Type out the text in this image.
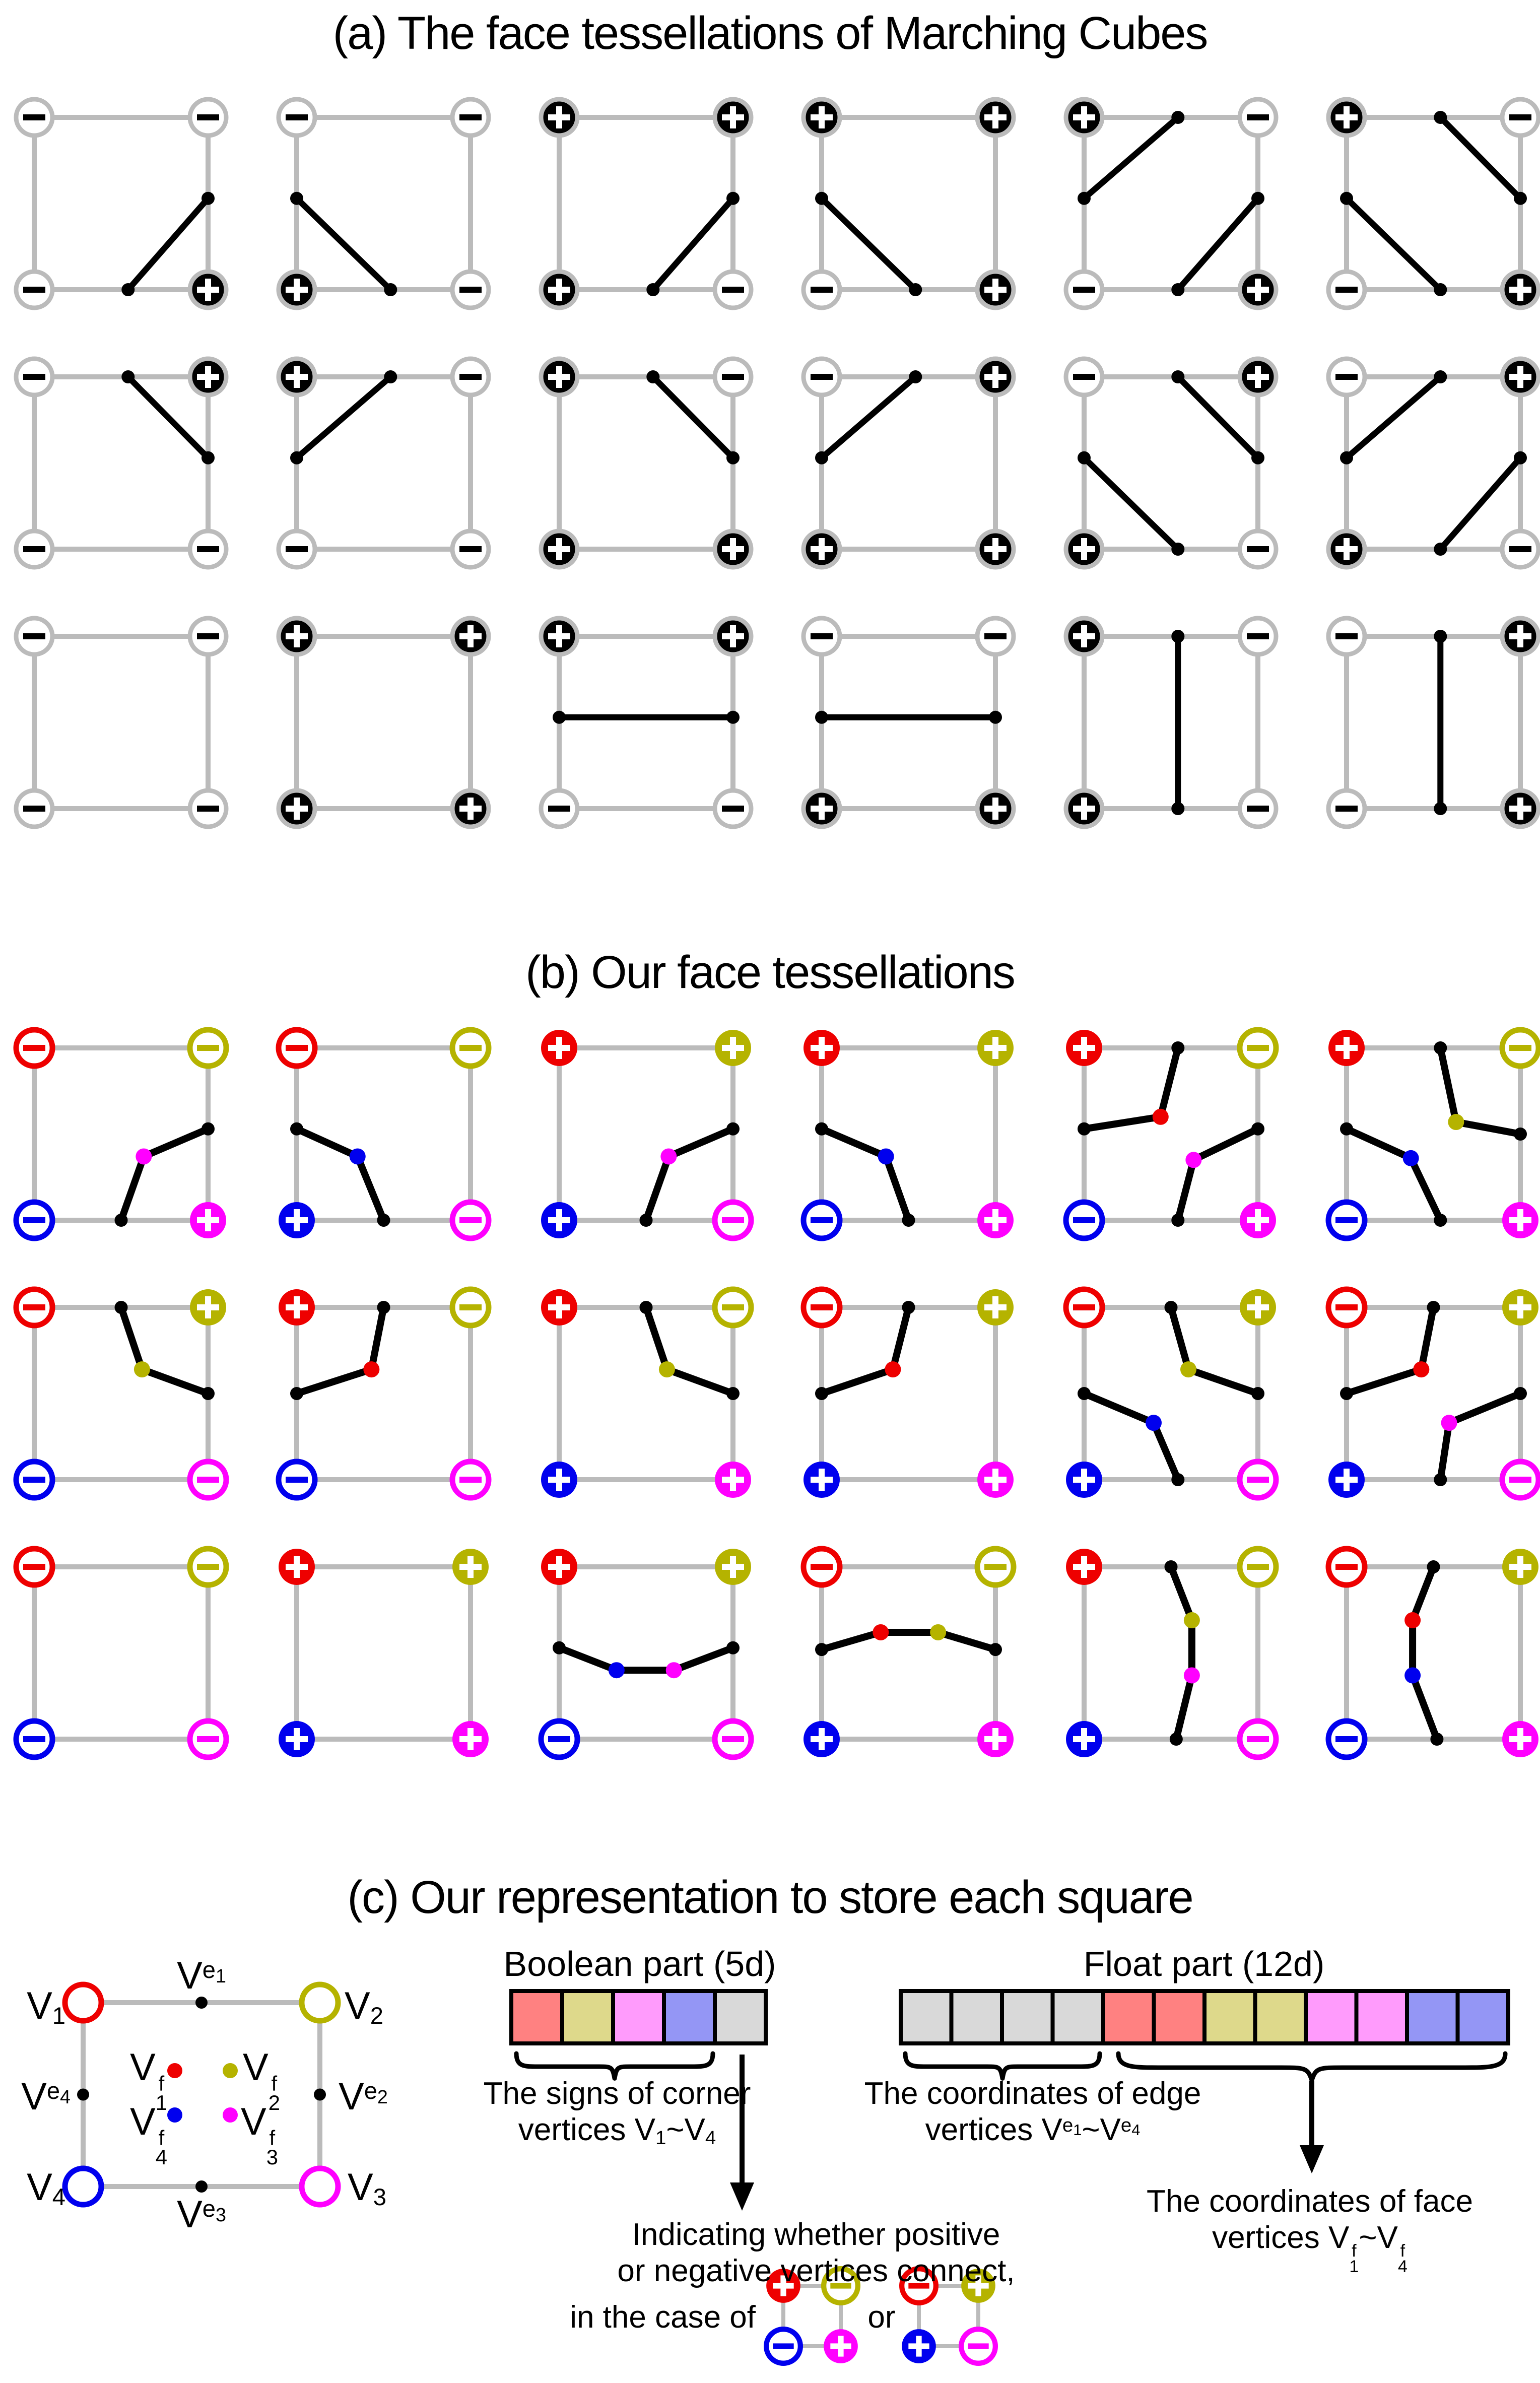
(a) The face tessellations of Marching Cubes
(b) Our face tessellations
(c) Our representation to store each square
V1	V2
V3
V4
$V^{e_1}$
$V^{e_2}$
$V^{e_3}$
$V^{e_4}$
V f
1
V f
2
V f
3
V f
4
Boolean part (5d)	Float part (12d)
The signs of corner
vertices V1~V4
The coordinates of edge
vertices $V^{e_1}\sim V^{e_4}$
The coordinates of face
vertices V f
1
~V f
4
Indicating whether positive
or negative vertices connect,
in the case of	or
